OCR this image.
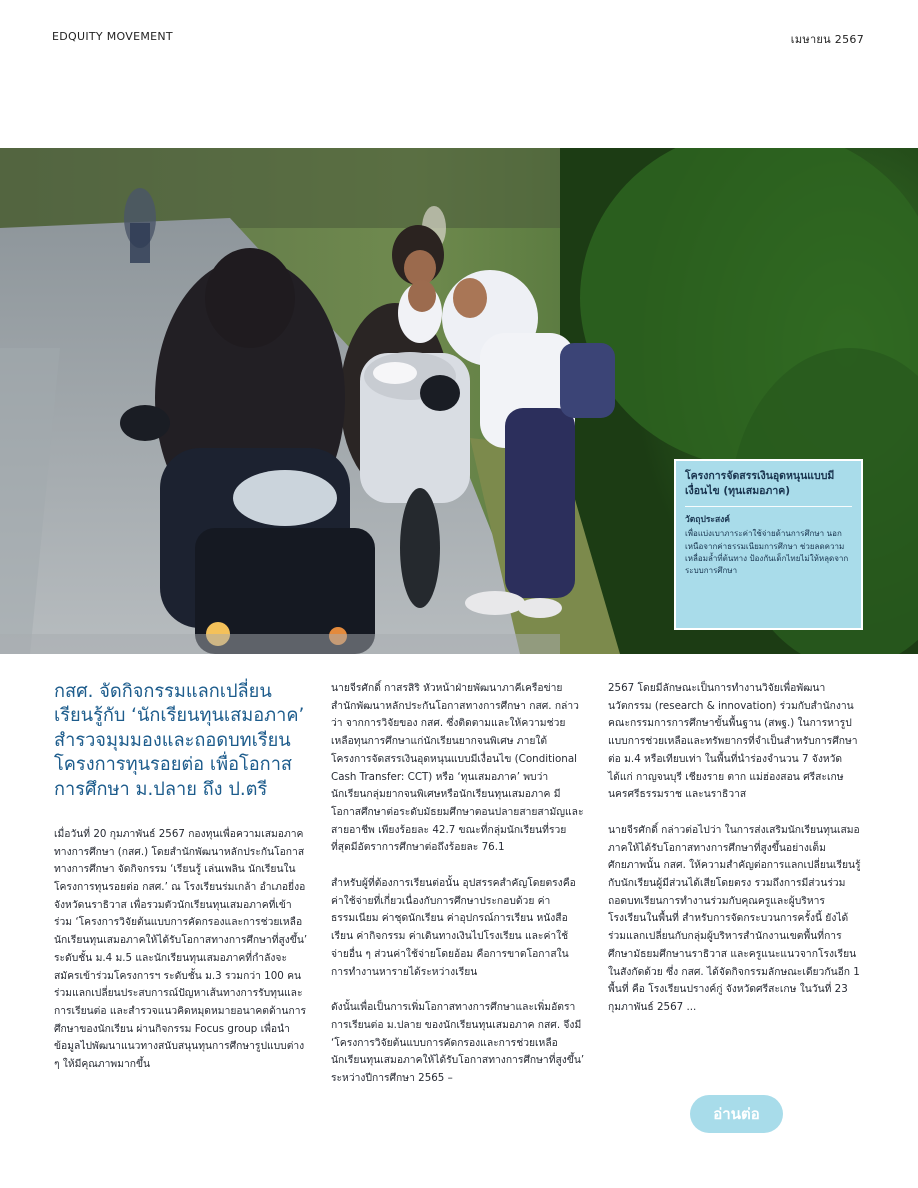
EDQUITY MOVEMENT	เมษายน 2567
โครงการจัดสรรเงินอุดหนุนแบบมีเงื่อนไข (ทุนเสมอภาค)
วัตถุประสงค์
เพื่อแบ่งเบาภาระค่าใช้จ่ายด้านการศึกษา นอกเหนือจากค่าธรรมเนียมการศึกษา ช่วยลดความเหลื่อมล้ำที่ต้นทาง ป้องกันเด็กไทยไม่ให้หลุดจากระบบการศึกษา
กสศ. จัดกิจกรรมแลกเปลี่ยนเรียนรู้กับ ‘นักเรียนทุนเสมอภาค’ สำรวจมุมมองและถอดบทเรียนโครงการทุนรอยต่อ เพื่อโอกาสการศึกษา ม.ปลาย ถึง ป.ตรี

เมื่อวันที่ 20 กุมภาพันธ์ 2567 กองทุนเพื่อความเสมอภาคทางการศึกษา (กสศ.) โดยสำนักพัฒนาหลักประกันโอกาสทางการศึกษา จัดกิจกรรม ‘เรียนรู้ เล่นเพลิน นักเรียนในโครงการทุนรอยต่อ กสศ.’ ณ โรงเรียนร่มเกล้า อำเภอยี่งอ จังหวัดนราธิวาส เพื่อรวมตัวนักเรียนทุนเสมอภาคที่เข้าร่วม ‘โครงการวิจัยต้นแบบการคัดกรองและการช่วยเหลือนักเรียนทุนเสมอภาคให้ได้รับโอกาสทางการศึกษาที่สูงขึ้น’ ระดับชั้น ม.4 ม.5 และนักเรียนทุนเสมอภาคที่กำลังจะสมัครเข้าร่วมโครงการฯ ระดับชั้น ม.3 รวมกว่า 100 คน ร่วมแลกเปลี่ยนประสบการณ์ปัญหาเส้นทางการรับทุนและการเรียนต่อ และสำรวจแนวคิดหมุดหมายอนาคตด้านการศึกษาของนักเรียน ผ่านกิจกรรม Focus group เพื่อนำข้อมูลไปพัฒนาแนวทางสนับสนุนทุนการศึกษารูปแบบต่าง ๆ ให้มีคุณภาพมากขึ้น

นายจีรศักดิ์ กาสรสิริ หัวหน้าฝ่ายพัฒนาภาคีเครือข่าย สำนักพัฒนาหลักประกันโอกาสทางการศึกษา กสศ. กล่าวว่า จากการวิจัยของ กสศ. ซึ่งติดตามและให้ความช่วยเหลือทุนการศึกษาแก่นักเรียนยากจนพิเศษ ภายใต้โครงการจัดสรรเงินอุดหนุนแบบมีเงื่อนไข (Conditional Cash Transfer: CCT) หรือ ‘ทุนเสมอภาค’ พบว่า นักเรียนกลุ่มยากจนพิเศษหรือนักเรียนทุนเสมอภาค มีโอกาสศึกษาต่อระดับมัธยมศึกษาตอนปลายสายสามัญและสายอาชีพ เพียงร้อยละ 42.7 ขณะที่กลุ่มนักเรียนที่รวยที่สุดมีอัตราการศึกษาต่อถึงร้อยละ 76.1

สำหรับผู้ที่ต้องการเรียนต่อนั้น อุปสรรคสำคัญโดยตรงคือค่าใช้จ่ายที่เกี่ยวเนื่องกับการศึกษาประกอบด้วย ค่าธรรมเนียม ค่าชุดนักเรียน ค่าอุปกรณ์การเรียน หนังสือเรียน ค่ากิจกรรม ค่าเดินทางเงินไปโรงเรียน และค่าใช้จ่ายอื่น ๆ ส่วนค่าใช้จ่ายโดยอ้อม คือการขาดโอกาสในการทำงานหารายได้ระหว่างเรียน

ดังนั้นเพื่อเป็นการเพิ่มโอกาสทางการศึกษาและเพิ่มอัตราการเรียนต่อ ม.ปลาย ของนักเรียนทุนเสมอภาค กสศ. จึงมี ‘โครงการวิจัยต้นแบบการคัดกรองและการช่วยเหลือนักเรียนทุนเสมอภาคให้ได้รับโอกาสทางการศึกษาที่สูงขึ้น’ ระหว่างปีการศึกษา 2565 –

2567 โดยมีลักษณะเป็นการทำงานวิจัยเพื่อพัฒนานวัตกรรม (research & innovation) ร่วมกับสำนักงานคณะกรรมการการศึกษาขั้นพื้นฐาน (สพฐ.) ในการหารูปแบบการช่วยเหลือและทรัพยากรที่จำเป็นสำหรับการศึกษาต่อ ม.4 หรือเทียบเท่า ในพื้นที่นำร่องจำนวน 7 จังหวัด ได้แก่ กาญจนบุรี เชียงราย ตาก แม่ฮ่องสอน ศรีสะเกษ นครศรีธรรมราช และนราธิวาส

นายจีรศักดิ์ กล่าวต่อไปว่า ในการส่งเสริมนักเรียนทุนเสมอภาคให้ได้รับโอกาสทางการศึกษาที่สูงขึ้นอย่างเต็มศักยภาพนั้น กสศ. ให้ความสำคัญต่อการแลกเปลี่ยนเรียนรู้กับนักเรียนผู้มีส่วนได้เสียโดยตรง รวมถึงการมีส่วนร่วมถอดบทเรียนการทำงานร่วมกับคุณครูและผู้บริหารโรงเรียนในพื้นที่ สำหรับการจัดกระบวนการครั้งนี้ ยังได้ร่วมแลกเปลี่ยนกับกลุ่มผู้บริหารสำนักงานเขตพื้นที่การศึกษามัธยมศึกษานราธิวาส และครูแนะแนวจากโรงเรียนในสังกัดด้วย ซึ่ง กสศ. ได้จัดกิจกรรมลักษณะเดียวกันอีก 1 พื้นที่ คือ โรงเรียนปรางค์กู่ จังหวัดศรีสะเกษ ในวันที่ 23 กุมภาพันธ์ 2567 ...

อ่านต่อ
